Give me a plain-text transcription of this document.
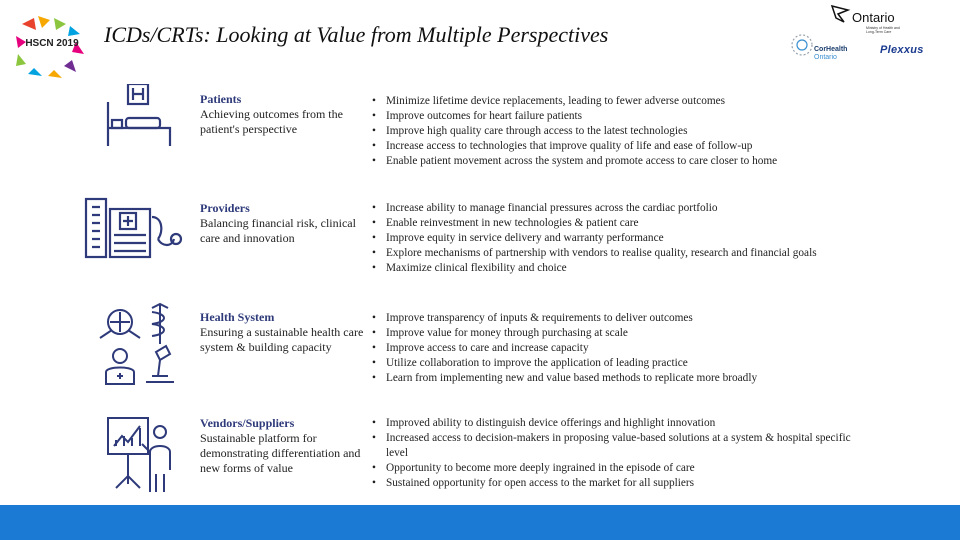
HSCN 2019 ICDs/CRTs: Looking at Value from Multiple Perspectives
Ontario
Ministry of Health and Long-Term Care
CorHealth
Ontario
Plexxus
Patients
Achieving outcomes from the patient's perspective
• Minimize lifetime device replacements, leading to fewer adverse outcomes
• Improve outcomes for heart failure patients
• Improve high quality care through access to the latest technologies
• Increase access to technologies that improve quality of life and ease of follow-up
• Enable patient movement across the system and promote access to care closer to home
Providers
Balancing financial risk, clinical care and innovation
• Increase ability to manage financial pressures across the cardiac portfolio
• Enable reinvestment in new technologies & patient care
• Improve equity in service delivery and warranty performance
• Explore mechanisms of partnership with vendors to realise quality, research and financial goals
• Maximize clinical flexibility and choice
Health System
Ensuring a sustainable health care system & building capacity
• Improve transparency of inputs & requirements to deliver outcomes
• Improve value for money through purchasing at scale
• Improve access to care and increase capacity
• Utilize collaboration to improve the application of leading practice
• Learn from implementing new and value based methods to replicate more broadly
Vendors/Suppliers
Sustainable platform for demonstrating differentiation and new forms of value
• Improved ability to distinguish device offerings and highlight innovation
• Increased access to decision-makers in proposing value-based solutions at a system & hospital specific level
• Opportunity to become more deeply ingrained in the episode of care
• Sustained opportunity for open access to the market for all suppliers
